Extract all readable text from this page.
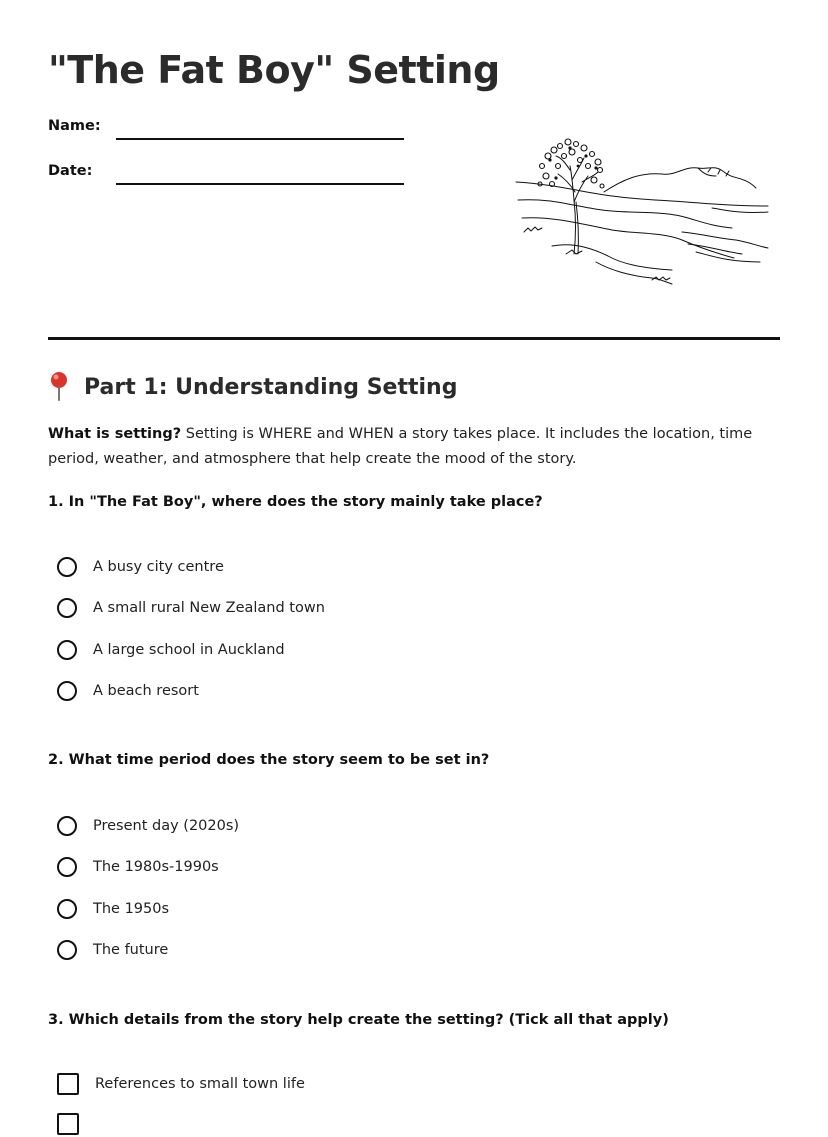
"The Fat Boy" Setting
Name:
Date:
Part 1: Understanding Setting

What is setting? Setting is WHERE and WHEN a story takes place. It includes the location, time period, weather, and atmosphere that help create the mood of the story.

1. In "The Fat Boy", where does the story mainly take place?
A busy city centre
A small rural New Zealand town
A large school in Auckland
A beach resort
2. What time period does the story seem to be set in?
Present day (2020s)
The 1980s-1990s
The 1950s
The future
3. Which details from the story help create the setting? (Tick all that apply)
References to small town life
